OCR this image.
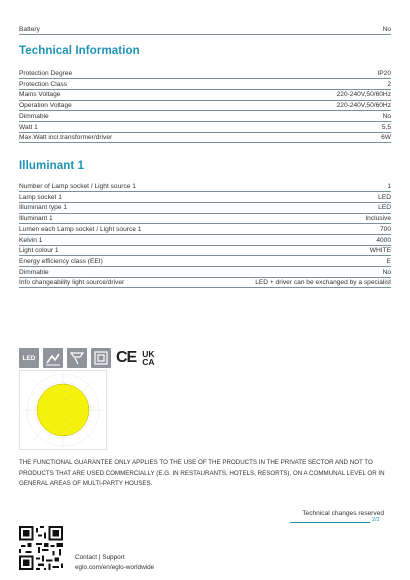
Battery	No
Technical Information
Protection Degree	IP20
Protection Class	2
Mains Voltage	220-240V,50/60Hz
Operation Voltage	220-240V,50/60Hz
Dimmable	No
Watt 1	5,5
Max.Watt incl.transformer/driver	6W
Illuminant 1
Number of Lamp socket / Light source 1	1
Lamp socket 1	LED
Illuminant type 1	LED
Illuminant 1	Inclusive
Lumen each Lamp socket / Light source 1	700
Kelvin 1	4000
Light colour 1	WHITE
Energy efficiency class (EEI)	E
Dimmable	No
Info changeability light source/driver	LED + driver can be exchanged by a specialist
LED	CE UK
CA
—
—
—
—
—
—
THE FUNCTIONAL GUARANTEE ONLY APPLIES TO THE USE OF THE PRODUCTS IN THE PRIVATE SECTOR AND NOT TO PRODUCTS THAT ARE USED COMMERCIALLY (E.G. IN RESTAURANTS, HOTELS, RESORTS), ON A COMMUNAL LEVEL OR IN GENERAL AREAS OF MULTI-PARTY HOUSES.
Technical changes reserved
2/2
Contact | Support
eglo.com/en/eglo-worldwide
